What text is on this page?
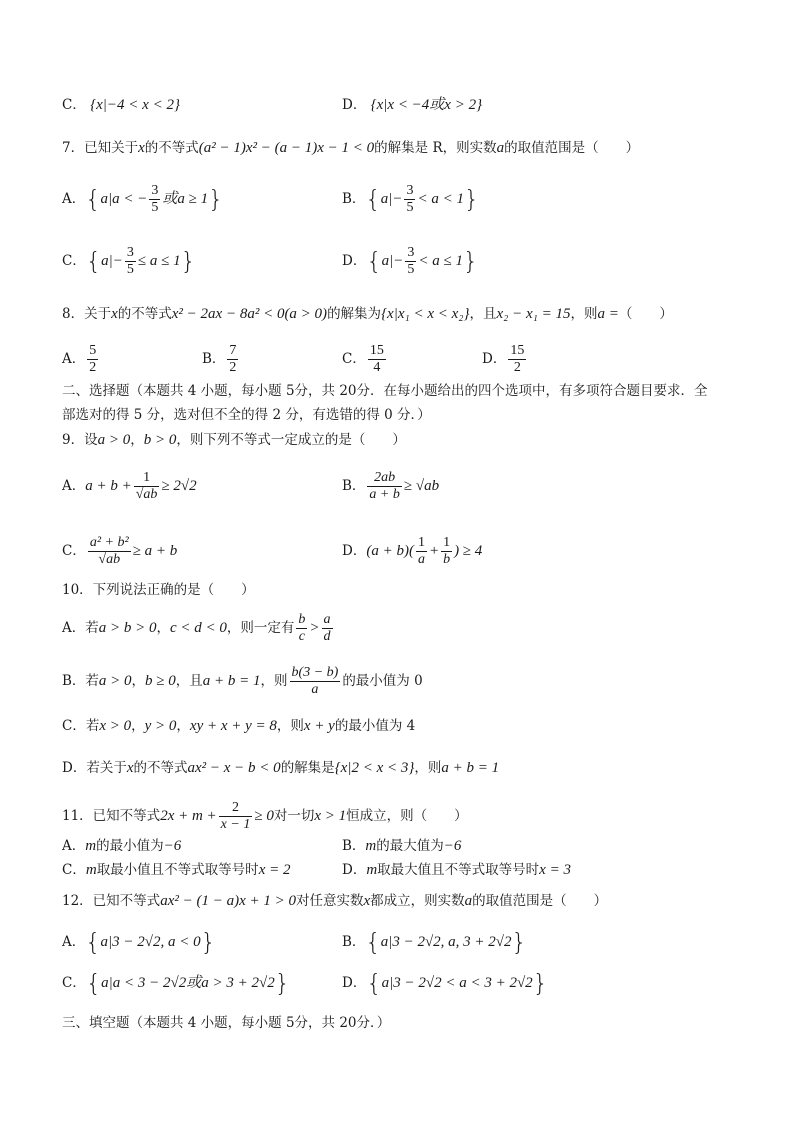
C． {x|−4 < x < 2}	D． {x|x < −4或x > 2}
7．已知关于x的不等式(a² − 1)x² − (a − 1)x − 1 < 0的解集是 R，则实数a的取值范围是（　　）
A．{a|a < − $\frac{3}{5}$ 或a ≥ 1}	B．$\{a|- \frac{3}{5} < a < 1\}$
C．$\{a|- \frac{3}{5} \le a \le 1\}$	D．$\{a|- \frac{3}{5} < a \le 1\}$
8．关于x的不等式x² − 2ax − 8a² < 0(a > 0)的解集为{x|x₁ < x < x₂}，且x₂ − x₁ = 15，则a =（　　）
A． $\frac{5}{2}$	B． $\frac{7}{2}$	C． $\frac{15}{4}$	D． $\frac{15}{2}$
二、选择题（本题共 4 小题，每小题 5分，共 20分．在每小题给出的四个选项中，有多项符合题目要求．全
部选对的得 5 分，选对但不全的得 2 分，有选错的得 0 分．）
9．设a > 0，b > 0，则下列不等式一定成立的是（　　）
A．$a + b + \frac{1}{√ab} \ge 2√2$	B． $\frac{2ab}{a + b} \ge √ab$
C． $\frac{\text{a² + b²}}{√ab} \ge a + b$	D．$(a + b)( \frac{1}{a} + \frac{1}{b}$ ) ≥ 4
10．下列说法正确的是（　　）
A．若a > b > 0，c < d < 0，则一定有 $\frac{b}{c} > \frac{a}{d}$
B．若a > 0，b ≥ 0，且a + b = 1，则 $\frac{b(3 - b)}{a}$ 的最小值为 0
C．若x > 0，y > 0，xy + x + y = 8，则x + y的最小值为 4
D．若关于x的不等式ax² − x − b < 0的解集是{x|2 < x < 3}，则a + b = 1
11．已知不等式$2x + m + \frac{2}{x - 1} \ge 0$对一切x > 1恒成立，则（　　）
A．m的最小值为−6	B．m的最大值为−6
C．m取最小值且不等式取等号时x = 2	D．m取最大值且不等式取等号时x = 3
12．已知不等式ax² − (1 − a)x + 1 > 0对任意实数x都成立，则实数a的取值范围是（　　）
A．{a|3 − 2√2, a < 0}	B．{a|3 − 2√2, a, 3 + 2√2}
C．{a|a < 3 − 2√2或a > 3 + 2√2}	D．{a|3 − 2√2 < a < 3 + 2√2}
三、填空题（本题共 4 小题，每小题 5分，共 20分．）
